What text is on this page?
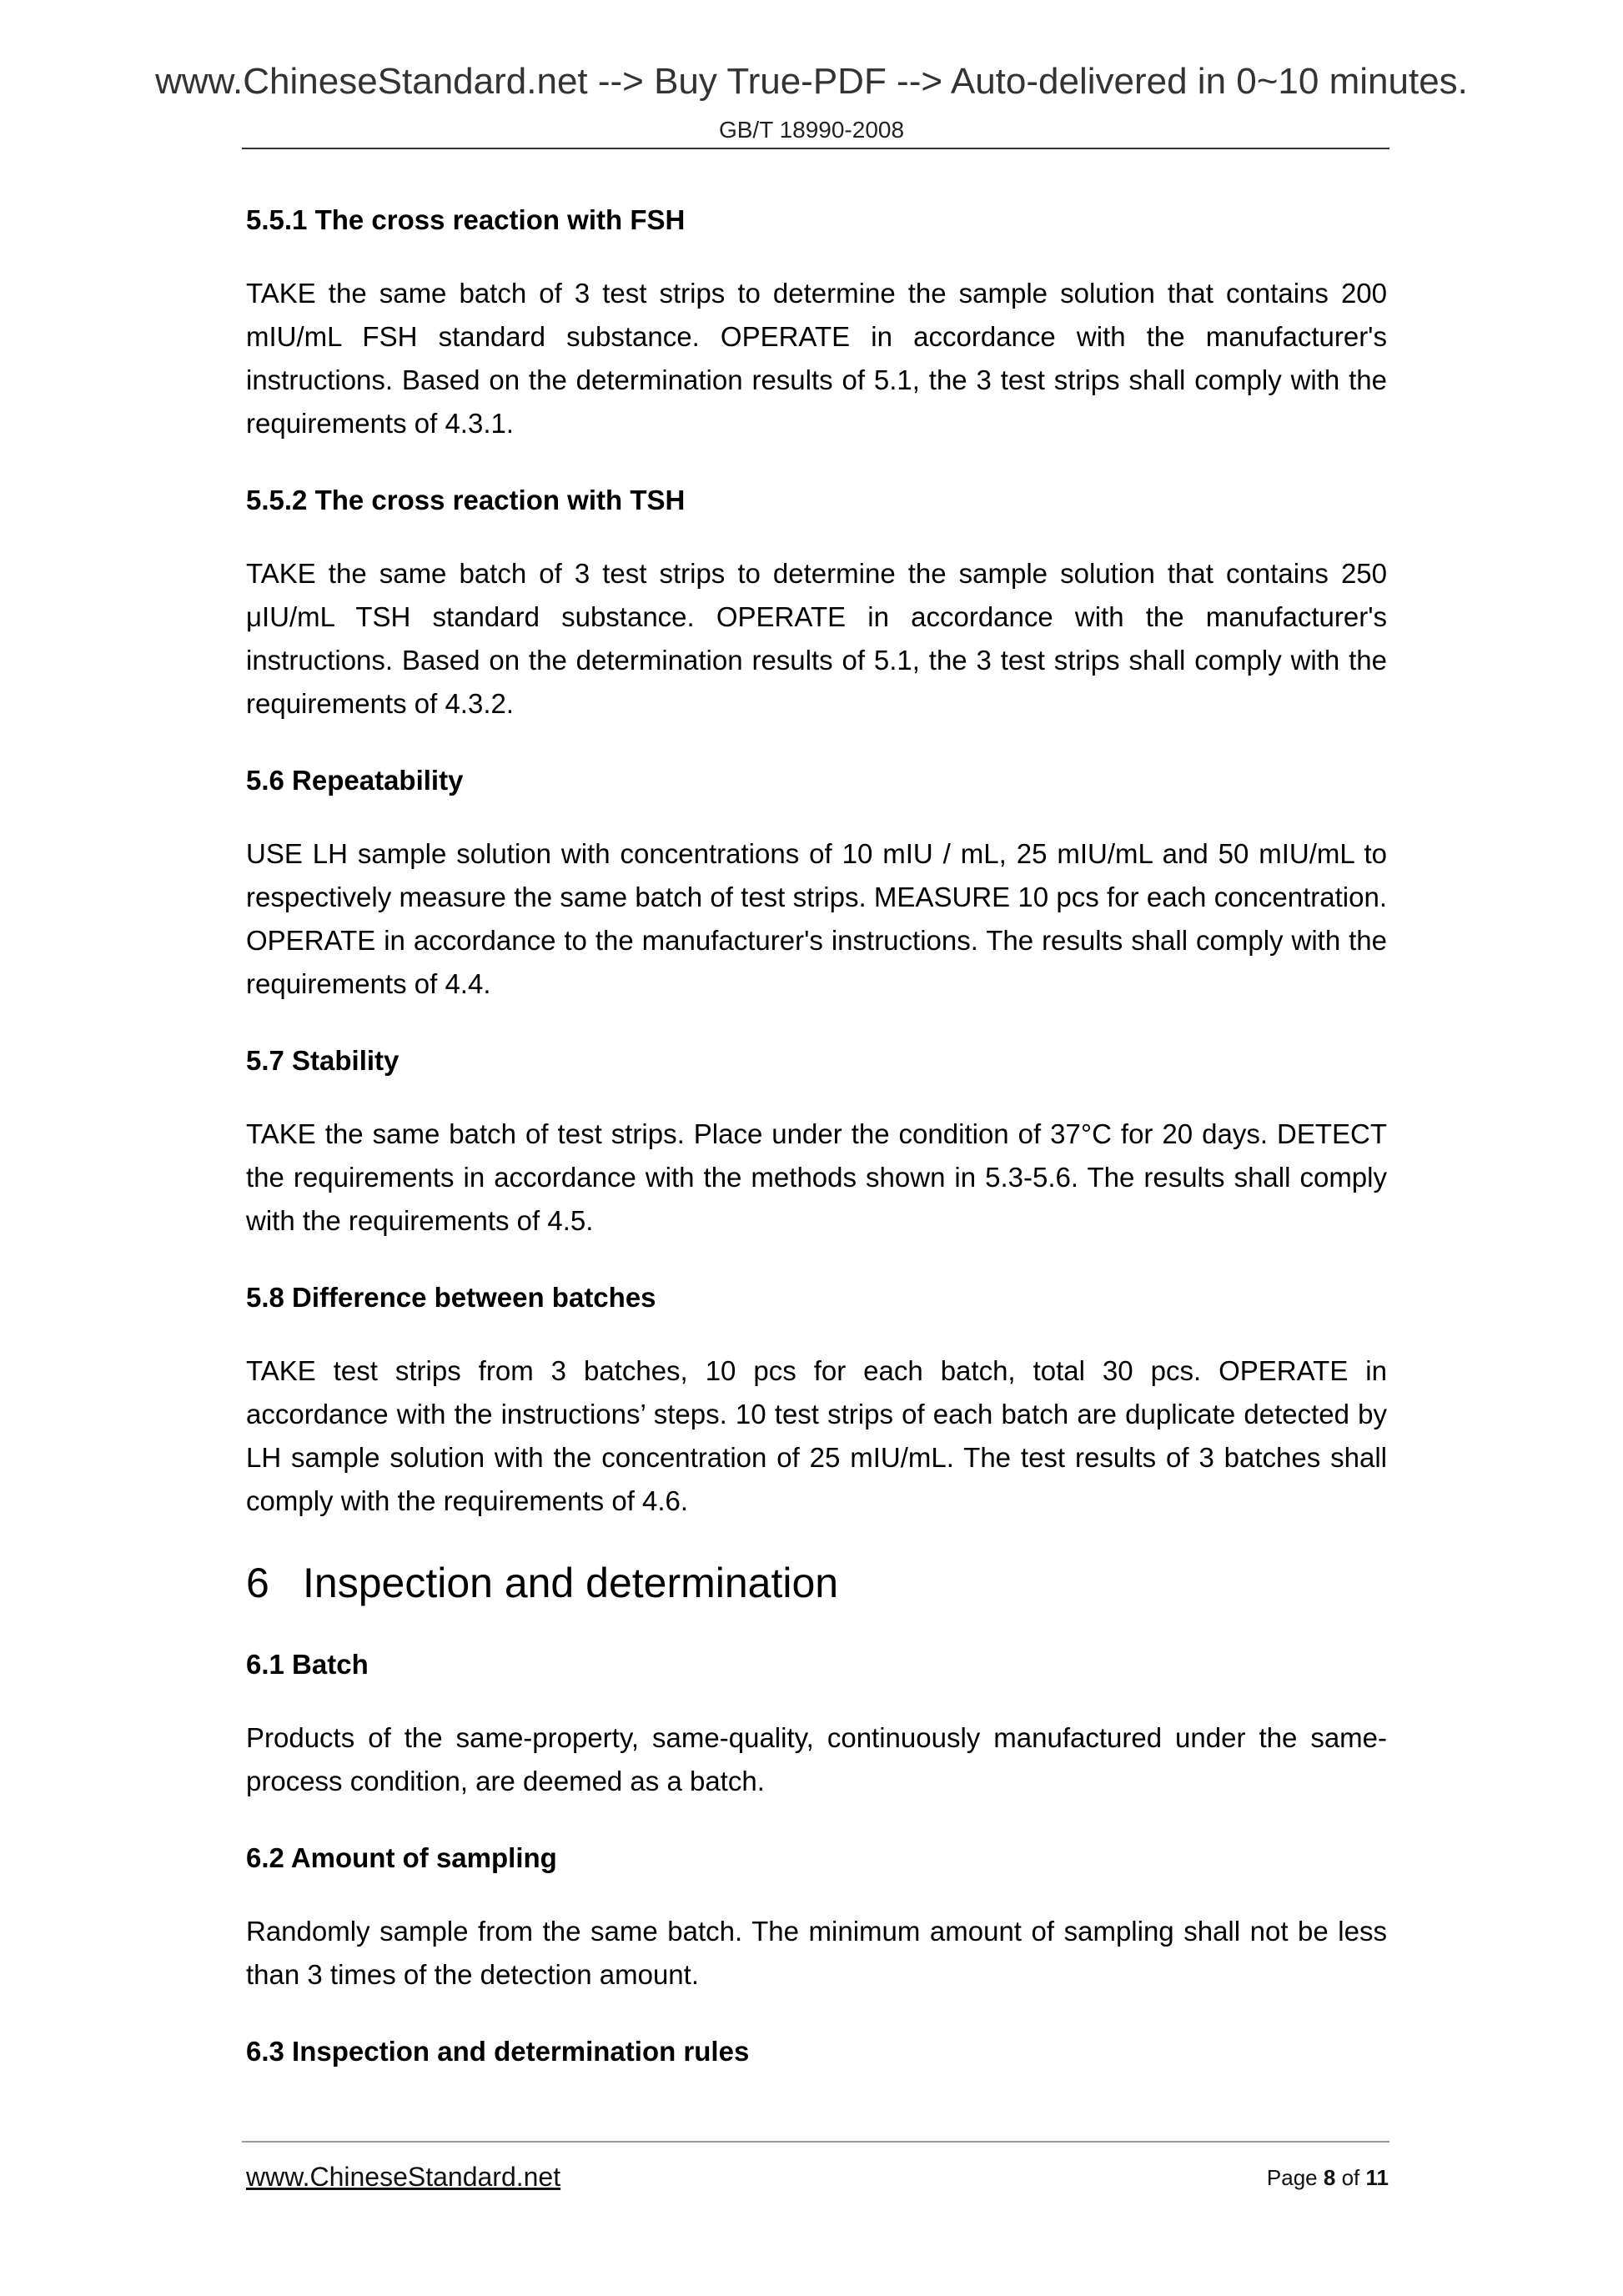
www.ChineseStandard.net --> Buy True-PDF --> Auto-delivered in 0~10 minutes.
GB/T 18990-2008
5.5.1 The cross reaction with FSH
TAKE the same batch of 3 test strips to determine the sample solution that contains 200 mIU/mL FSH standard substance. OPERATE in accordance with the manufacturer's instructions. Based on the determination results of 5.1, the 3 test strips shall comply with the requirements of 4.3.1.
5.5.2 The cross reaction with TSH
TAKE the same batch of 3 test strips to determine the sample solution that contains 250 μIU/mL TSH standard substance. OPERATE in accordance with the manufacturer's instructions. Based on the determination results of 5.1, the 3 test strips shall comply with the requirements of 4.3.2.
5.6 Repeatability
USE LH sample solution with concentrations of 10 mIU / mL, 25 mIU/mL and 50 mIU/mL to respectively measure the same batch of test strips. MEASURE 10 pcs for each concentration. OPERATE in accordance to the manufacturer's instructions. The results shall comply with the requirements of 4.4.
5.7 Stability
TAKE the same batch of test strips. Place under the condition of 37°C for 20 days. DETECT the requirements in accordance with the methods shown in 5.3-5.6. The results shall comply with the requirements of 4.5.
5.8 Difference between batches
TAKE test strips from 3 batches, 10 pcs for each batch, total 30 pcs. OPERATE in accordance with the instructions’ steps. 10 test strips of each batch are duplicate detected by LH sample solution with the concentration of 25 mIU/mL. The test results of 3 batches shall comply with the requirements of 4.6.
6 Inspection and determination
6.1 Batch
Products of the same-property, same-quality, continuously manufactured under the same-process condition, are deemed as a batch.
6.2 Amount of sampling
Randomly sample from the same batch. The minimum amount of sampling shall not be less than 3 times of the detection amount.
6.3 Inspection and determination rules
www.ChineseStandard.net	Page 8 of 11
